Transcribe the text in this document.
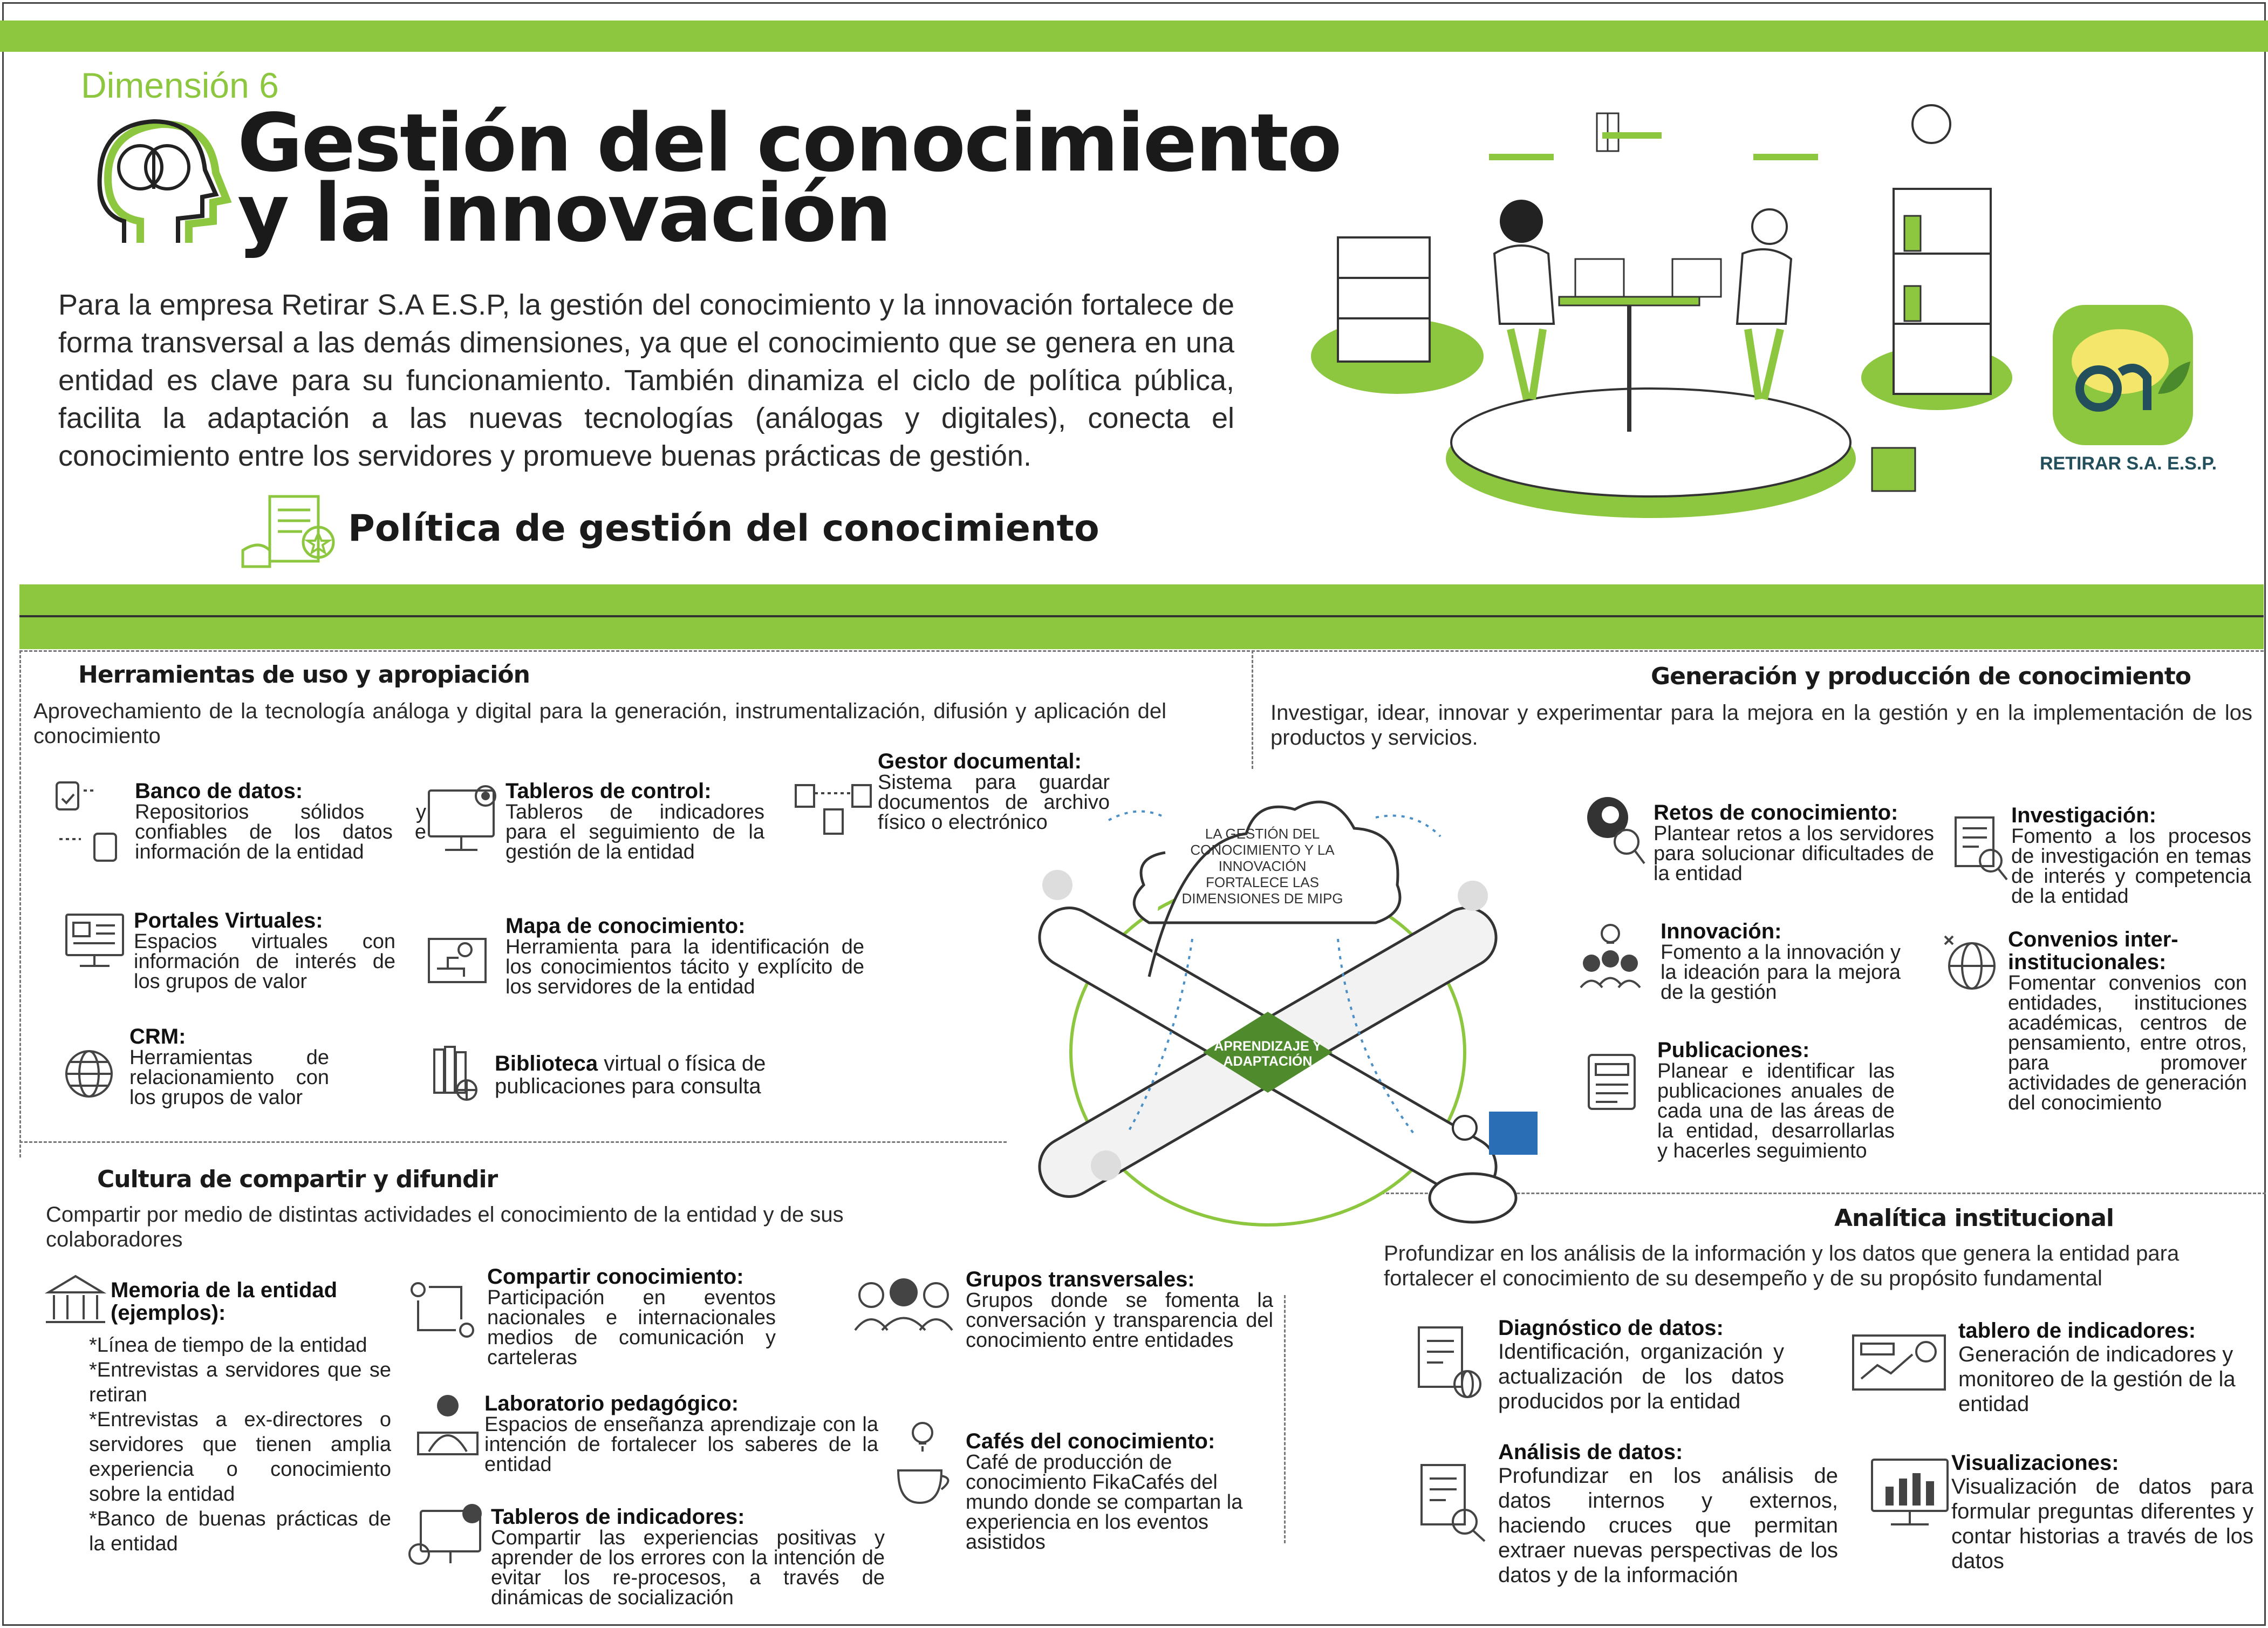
Dimensión 6
Gestión del conocimiento
y la innovación
Para la empresa Retirar S.A E.S.P, la gestión del conocimiento y la innovación fortalece de forma transversal a las demás dimensiones, ya que el conocimiento que se genera en una entidad es clave para su funcionamiento. También dinamiza el ciclo de política pública, facilita la adaptación a las nuevas tecnologías (análogas y digitales), conecta el conocimiento entre los servidores y promueve buenas prácticas de gestión.
Política de gestión del conocimiento
RETIRAR S.A. E.S.P.
Herramientas de uso y apropiación
Aprovechamiento de la tecnología análoga y digital para la generación, instrumentalización, difusión y aplicación del conocimiento
Banco de datos:
Repositorios sólidos y confiables de los datos e información de la entidad
Tableros de control:
Tableros de indicadores para el seguimiento de la gestión de la entidad
Gestor documental:
Sistema para guardar documentos de archivo físico o electrónico
Portales Virtuales:
Espacios virtuales con información de interés de los grupos de valor
Mapa de conocimiento:
Herramienta para la identificación de los conocimientos tácito y explícito de los servidores de la entidad
CRM:
Herramientas de relacionamiento con los grupos de valor
Biblioteca virtual o física de publicaciones para consulta
Generación y producción de conocimiento
Investigar, idear, innovar y experimentar para la mejora en la gestión y en la implementación de los productos y servicios.
Retos de conocimiento:
Plantear retos a los servidores para solucionar dificultades de la entidad
Investigación:
Fomento a los procesos de investigación en temas de interés y competencia de la entidad
Innovación:
Fomento a la innovación y la ideación para la mejora de la gestión
Convenios inter-institucionales:
Fomentar convenios con entidades, instituciones académicas, centros de pensamiento, entre otros, para promover actividades de generación del conocimiento
Publicaciones:
Planear e identificar las publicaciones anuales de cada una de las áreas de la entidad, desarrollarlas y hacerles seguimiento
LA GESTIÓN DEL CONOCIMIENTO Y LA INNOVACIÓN FORTALECE LAS DIMENSIONES DE MIPG
APRENDIZAJE Y ADAPTACIÓN
Cultura de compartir y difundir
Compartir por medio de distintas actividades el conocimiento de la entidad y de sus colaboradores
Memoria de la entidad (ejemplos):
*Línea de tiempo de la entidad
*Entrevistas a servidores que se retiran
*Entrevistas a ex-directores o servidores que tienen amplia experiencia o conocimiento sobre la entidad
*Banco de buenas prácticas de la entidad
Compartir conocimiento:
Participación en eventos nacionales e internacionales medios de comunicación y carteleras
Grupos transversales:
Grupos donde se fomenta la conversación y transparencia del conocimiento entre entidades
Laboratorio pedagógico:
Espacios de enseñanza aprendizaje con la intención de fortalecer los saberes de la entidad
Cafés del conocimiento:
Café de producción de conocimiento FikaCafés del mundo donde se compartan la experiencia en los eventos asistidos
Tableros de indicadores:
Compartir las experiencias positivas y aprender de los errores con la intención de evitar los re-procesos, a través de dinámicas de socialización
Analítica institucional
Profundizar en los análisis de la información y los datos que genera la entidad para fortalecer el conocimiento de su desempeño y de su propósito fundamental
Diagnóstico de datos:
Identificación, organización y actualización de los datos producidos por la entidad
tablero de indicadores:
Generación de indicadores y monitoreo de la gestión de la entidad
Análisis de datos:
Profundizar en los análisis de datos internos y externos, haciendo cruces que permitan extraer nuevas perspectivas de los datos y de la información
Visualizaciones:
Visualización de datos para formular preguntas diferentes y contar historias a través de los datos
